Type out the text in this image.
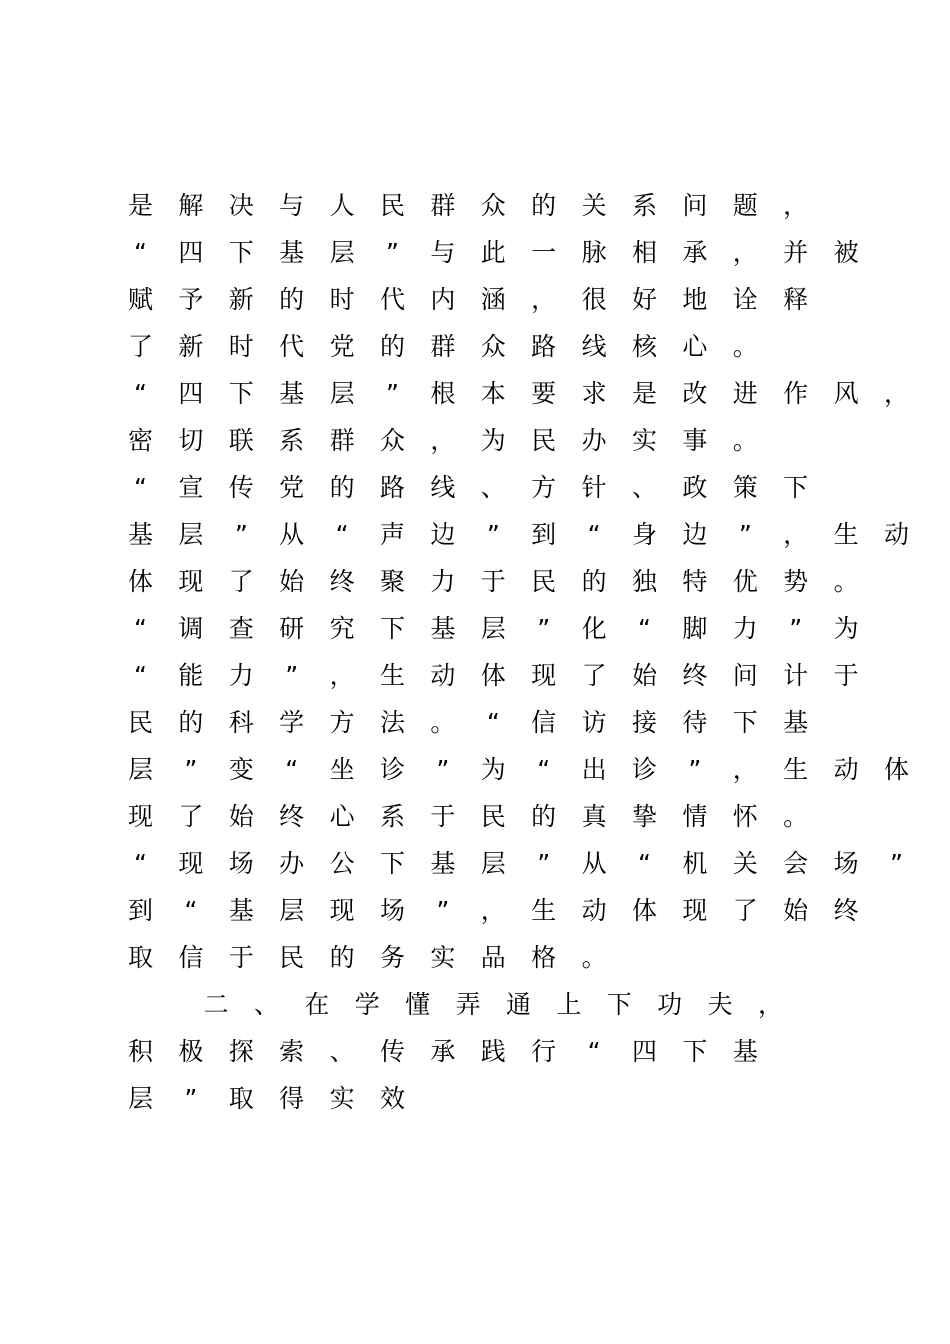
是 解 决 与 人 民 群 众 的 关 系 问 题 ，
“	四 下 基 层	”	与 此 一 脉 相 承 ， 并 被
赋 予 新 的 时 代 内 涵 ， 很 好 地 诠 释
了 新 时 代 党 的 群 众 路 线 核 心 。
“	四 下 基 层	”	根 本 要 求 是 改 进 作 风 ，
密 切 联 系 群 众 ， 为 民 办 实 事 。
“	宣 传 党 的 路 线 、 方 针 、 政 策 下
基 层	”	从	“	声 边	”	到	“	身 边	”	， 生 动
体 现 了 始 终 聚 力 于 民 的 独 特 优 势 。
“	调 查 研 究 下 基 层	”	化	“	脚 力	”	为
“	能 力	”	， 生 动 体 现 了 始 终 问 计 于
民 的 科 学 方 法 。	“	信 访 接 待 下 基
层	”	变	“	坐 诊	”	为	“	出 诊	”	， 生 动 体
现 了 始 终 心 系 于 民 的 真 挚 情 怀 。
“	现 场 办 公 下 基 层	”	从	“	机 关 会 场	”
到	“	基 层 现 场	”	， 生 动 体 现 了 始 终
取 信 于 民 的 务 实 品 格 。
二 、 在 学 懂 弄 通 上 下 功 夫 ，
积 极 探 索 、 传 承 践 行	“	四 下 基
层	”	取 得 实 效
